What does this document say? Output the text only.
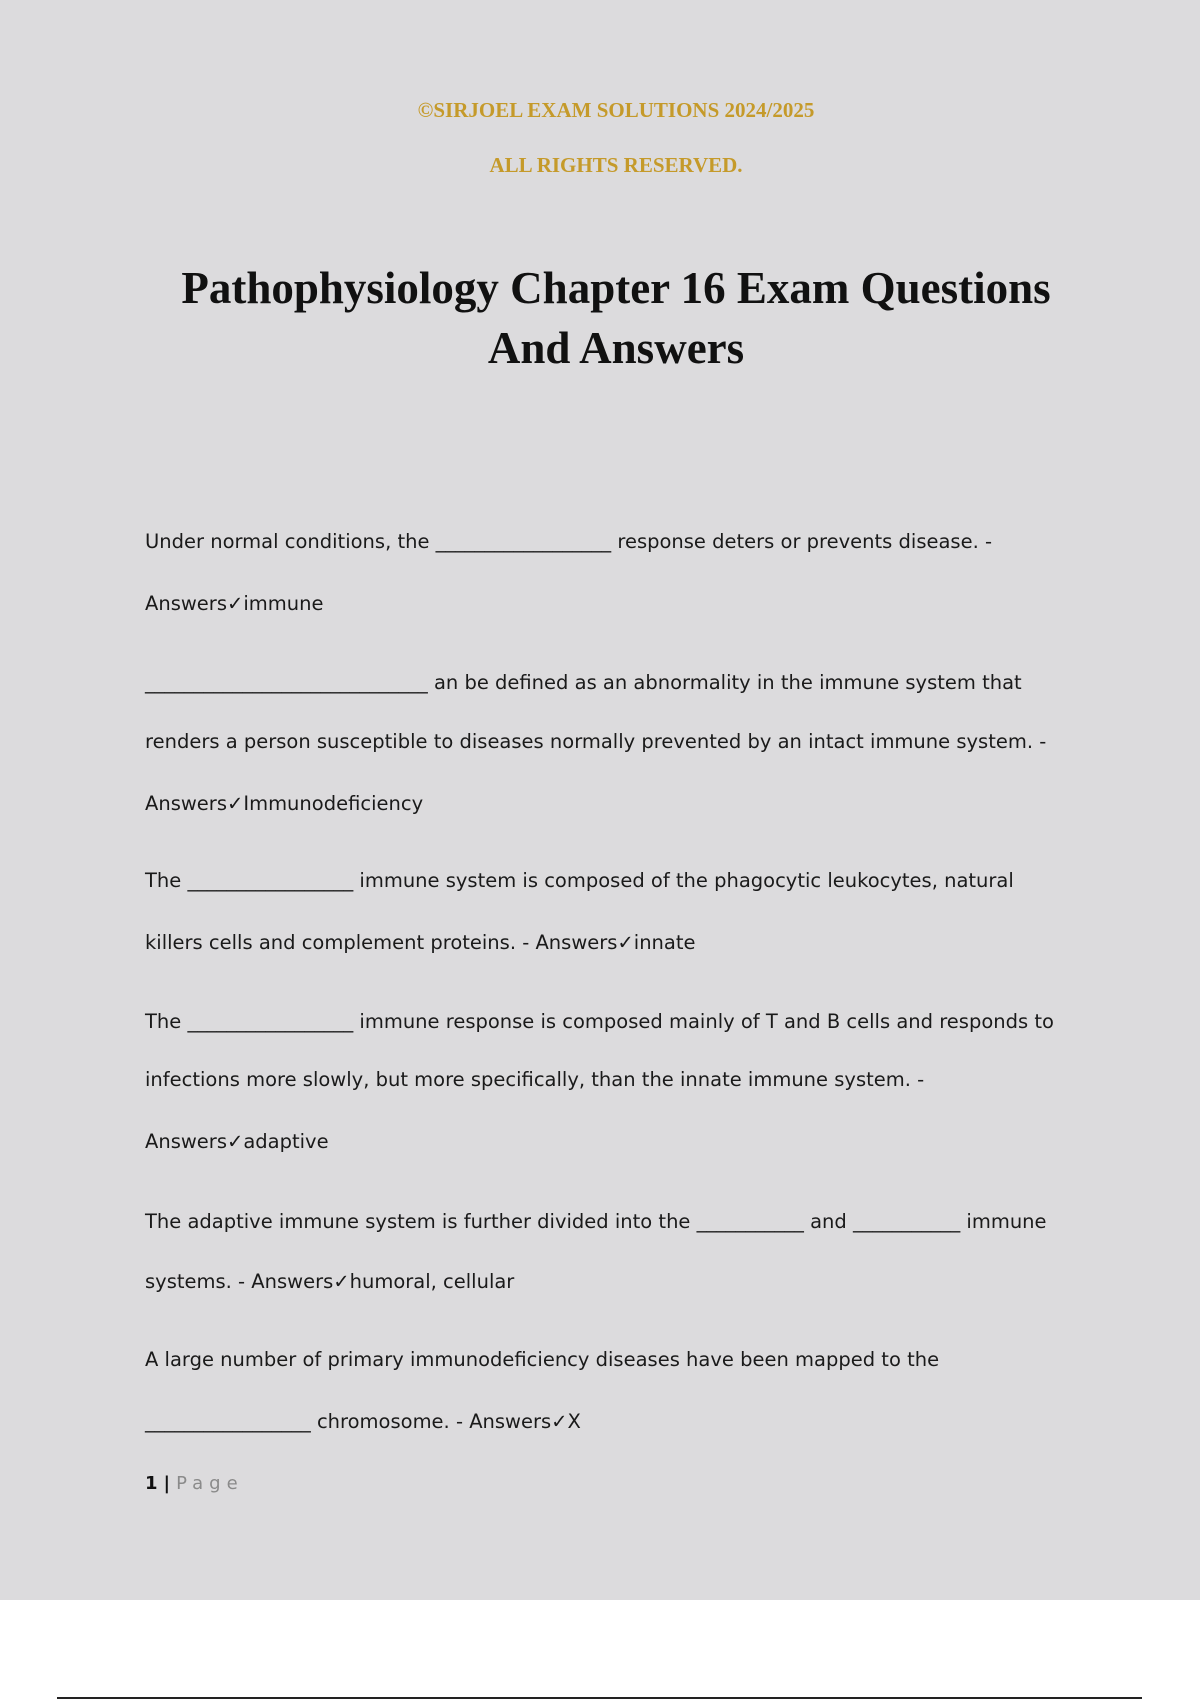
©SIRJOEL EXAM SOLUTIONS 2024/2025
ALL RIGHTS RESERVED.
Pathophysiology Chapter 16 Exam Questions
And Answers
Under normal conditions, the __________________ response deters or prevents disease. -
Answers✓immune
_____________________________ an be defined as an abnormality in the immune system that
renders a person susceptible to diseases normally prevented by an intact immune system. -
Answers✓Immunodeficiency
The _________________ immune system is composed of the phagocytic leukocytes, natural
killers cells and complement proteins. - Answers✓innate
The _________________ immune response is composed mainly of T and B cells and responds to
infections more slowly, but more specifically, than the innate immune system. -
Answers✓adaptive
The adaptive immune system is further divided into the ___________ and ___________ immune
systems. - Answers✓humoral, cellular
A large number of primary immunodeficiency diseases have been mapped to the
_________________ chromosome. - Answers✓X
1 | Page
